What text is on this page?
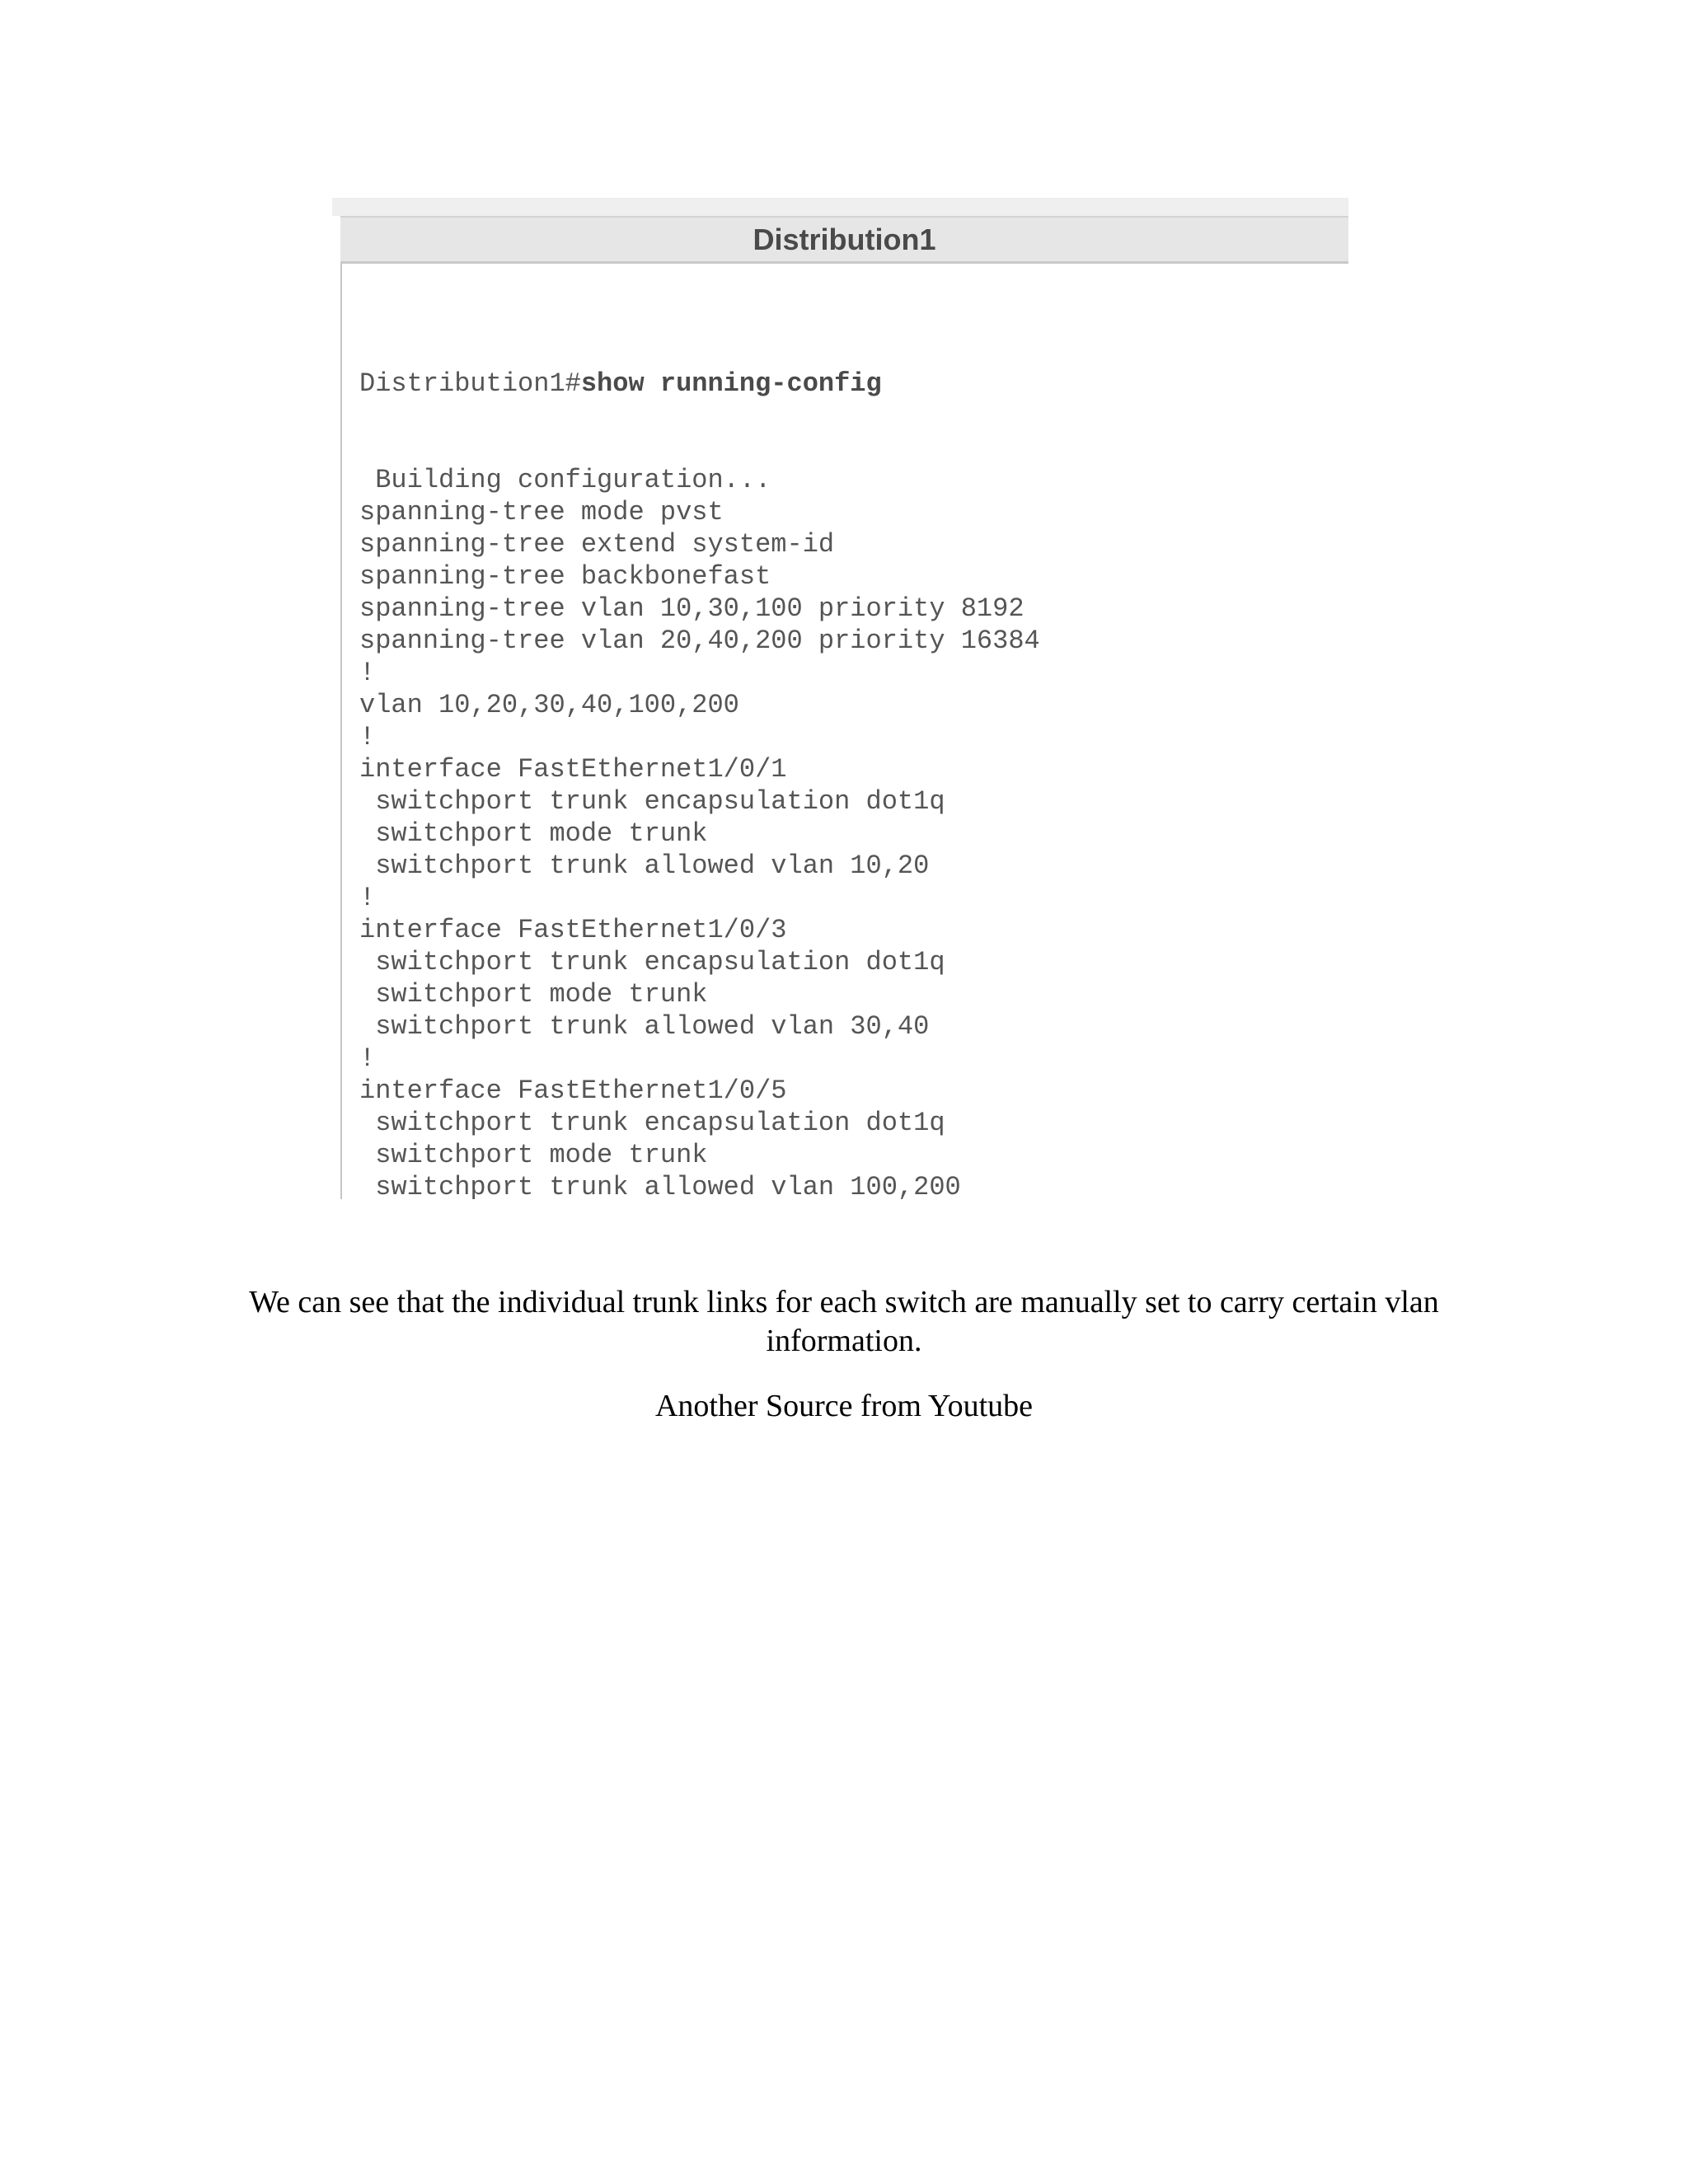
Distribution1

Distribution1#show running-config

Building configuration...
spanning-tree mode pvst
spanning-tree extend system-id
spanning-tree backbonefast
spanning-tree vlan 10,30,100 priority 8192
spanning-tree vlan 20,40,200 priority 16384
!
vlan 10,20,30,40,100,200
!
interface FastEthernet1/0/1
switchport trunk encapsulation dot1q
switchport mode trunk
switchport trunk allowed vlan 10,20
!
interface FastEthernet1/0/3
switchport trunk encapsulation dot1q
switchport mode trunk
switchport trunk allowed vlan 30,40
!
interface FastEthernet1/0/5
switchport trunk encapsulation dot1q
switchport mode trunk
switchport trunk allowed vlan 100,200
We can see that the individual trunk links for each switch are manually set to carry certain vlan information.
Another Source from Youtube
